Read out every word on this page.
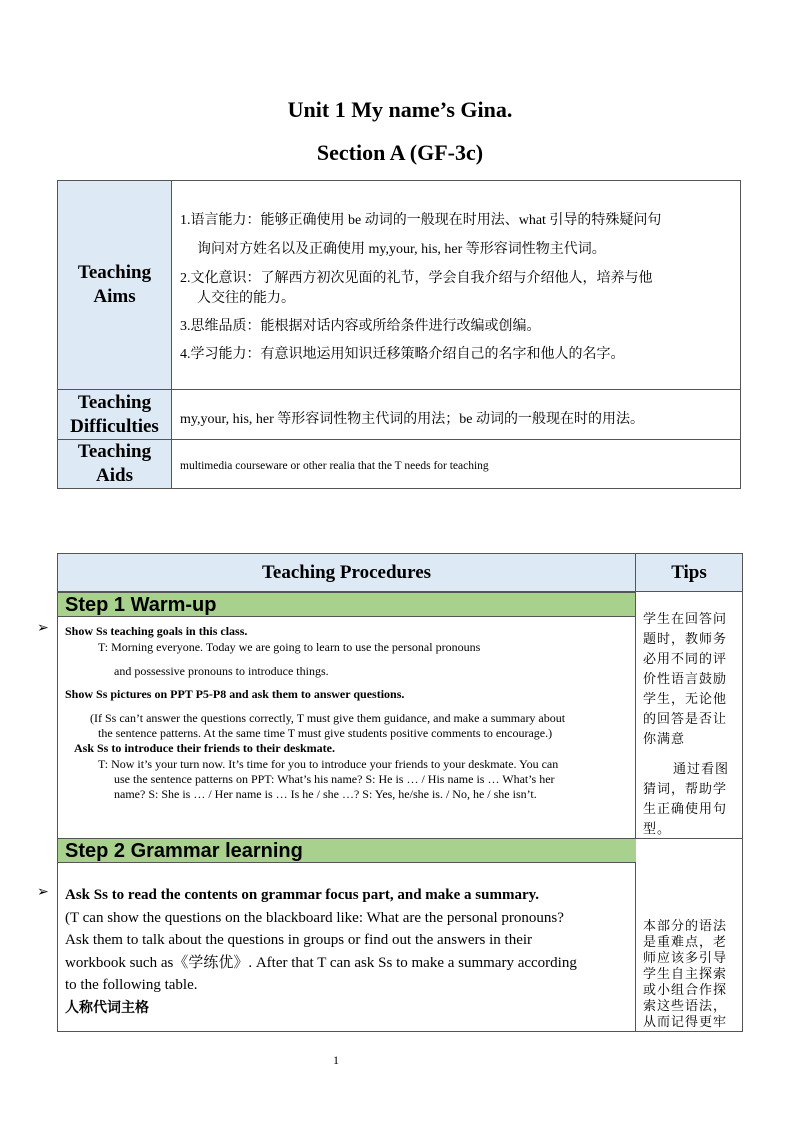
Unit 1 My name’s Gina.
Section A (GF-3c)
Teaching
Aims
1.语言能力：能够正确使用 be 动词的一般现在时用法、what 引导的特殊疑问句
询问对方姓名以及正确使用 my,your, his, her 等形容词性物主代词。
2.文化意识：了解西方初次见面的礼节，学会自我介绍与介绍他人，培养与他
人交往的能力。
3.思维品质：能根据对话内容或所给条件进行改编或创编。
4.学习能力：有意识地运用知识迁移策略介绍自己的名字和他人的名字。
Teaching
Difficulties my,your, his, her 等形容词性物主代词的用法；be 动词的一般现在时的用法。
Teaching
Aids	multimedia courseware or other realia that the T needs for teaching
Teaching Procedures	Tips
Step 1 Warm-up
Show Ss teaching goals in this class.
T: Morning everyone. Today we are going to learn to use the personal pronouns
and possessive pronouns to introduce things.
Show Ss pictures on PPT P5-P8 and ask them to answer questions.
(If Ss can’t answer the questions correctly, T must give them guidance, and make a summary about
the sentence patterns. At the same time T must give students positive comments to encourage.)
Ask Ss to introduce their friends to their deskmate.
T: Now it’s your turn now. It’s time for you to introduce your friends to your deskmate. You can
use the sentence patterns on PPT: What’s his name? S: He is … / His name is … What’s her
name? S: She is … / Her name is … Is he / she …? S: Yes, he/she is. / No, he / she isn’t.
学生在回答问
题时，教师务
必用不同的评
价性语言鼓励
学生，无论他
的回答是否让
你满意
通过看图
猜词，帮助学
生正确使用句
型。
Step 2 Grammar learning
Ask Ss to read the contents on grammar focus part, and make a summary.
(T can show the questions on the blackboard like: What are the personal pronouns?
Ask them to talk about the questions in groups or find out the answers in their
workbook such as《学练优》. After that T can ask Ss to make a summary according
to the following table.
人称代词主格
本部分的语法
是重难点，老
师应该多引导
学生自主探索
或小组合作探
索这些语法，
从而记得更牢
➢
➢
1
